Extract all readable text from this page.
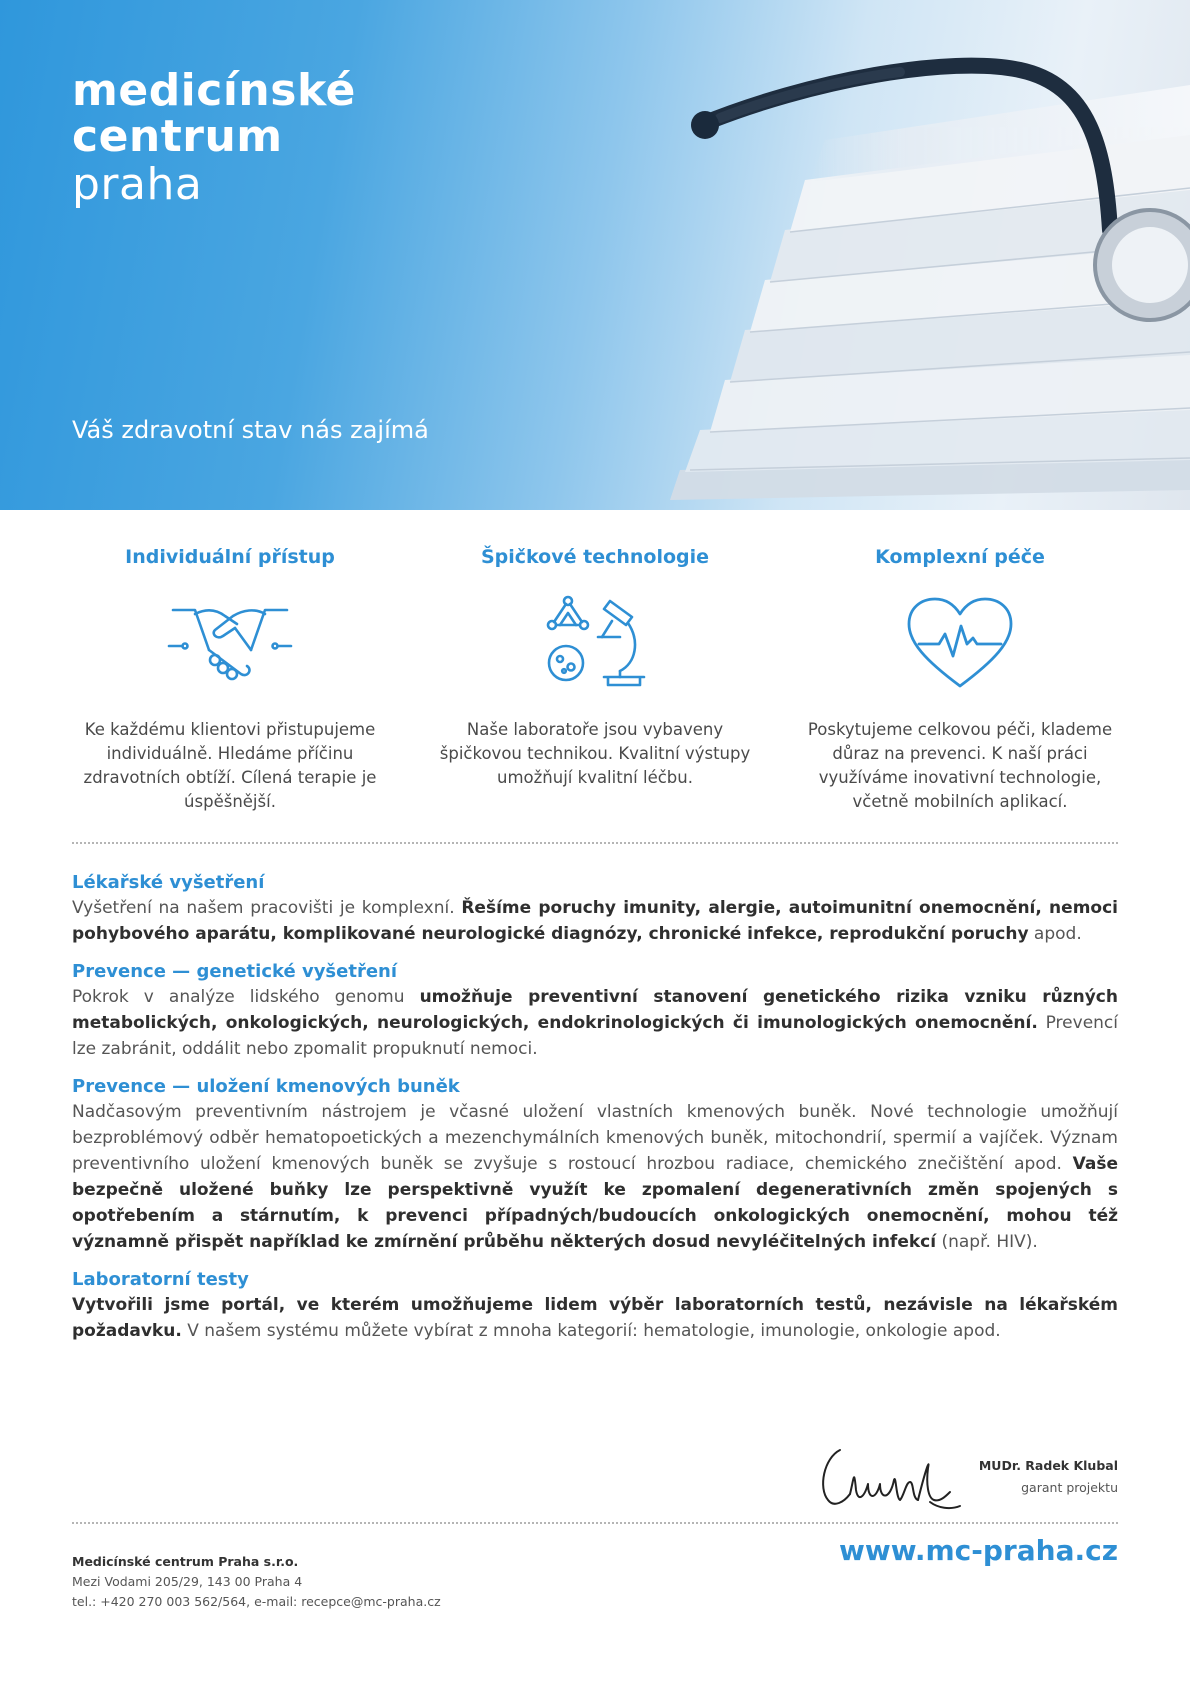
medicínské
centrum
praha
Váš zdravotní stav nás zajímá
Individuální přístup

Ke každému klientovi přistupujeme individuálně. Hledáme příčinu zdravotních obtíží. Cílená terapie je úspěšnější.

Špičkové technologie

Naše laboratoře jsou vybaveny špičkovou technikou. Kvalitní výstupy umožňují kvalitní léčbu.

Komplexní péče

Poskytujeme celkovou péči, klademe důraz na prevenci. K naší práci využíváme inovativní technologie, včetně mobilních aplikací.

Lékařské vyšetření

Vyšetření na našem pracovišti je komplexní. Řešíme poruchy imunity, alergie, autoimunitní onemocnění, nemoci pohybového aparátu, komplikované neurologické diagnózy, chronické infekce, reprodukční poruchy apod.

Prevence — genetické vyšetření

Pokrok v analýze lidského genomu umožňuje preventivní stanovení genetického rizika vzniku různých metabolických, onkologických, neurologických, endokrinologických či imunologických onemocnění. Prevencí lze zabránit, oddálit nebo zpomalit propuknutí nemoci.

Prevence — uložení kmenových buněk

Nadčasovým preventivním nástrojem je včasné uložení vlastních kmenových buněk. Nové technologie umožňují bezproblémový odběr hematopoetických a mezenchymálních kmenových buněk, mitochondrií, spermií a vajíček. Význam preventivního uložení kmenových buněk se zvyšuje s rostoucí hrozbou radiace, chemického znečištění apod. Vaše bezpečně uložené buňky lze perspektivně využít ke zpomalení degenerativních změn spojených s opotřebením a stárnutím, k prevenci případných/budoucích onkologických onemocnění, mohou též významně přispět například ke zmírnění průběhu některých dosud nevyléčitelných infekcí (např. HIV).

Laboratorní testy

Vytvořili jsme portál, ve kterém umožňujeme lidem výběr laboratorních testů, nezávisle na lékařském požadavku. V našem systému můžete vybírat z mnoha kategorií: hematologie, imunologie, onkologie apod.

MUDr. Radek Klubal
garant projektu
Medicínské centrum Praha s.r.o.
Mezi Vodami 205/29, 143 00 Praha 4
tel.: +420 270 003 562/564, e-mail: recepce@mc-praha.cz
www.mc-praha.cz
